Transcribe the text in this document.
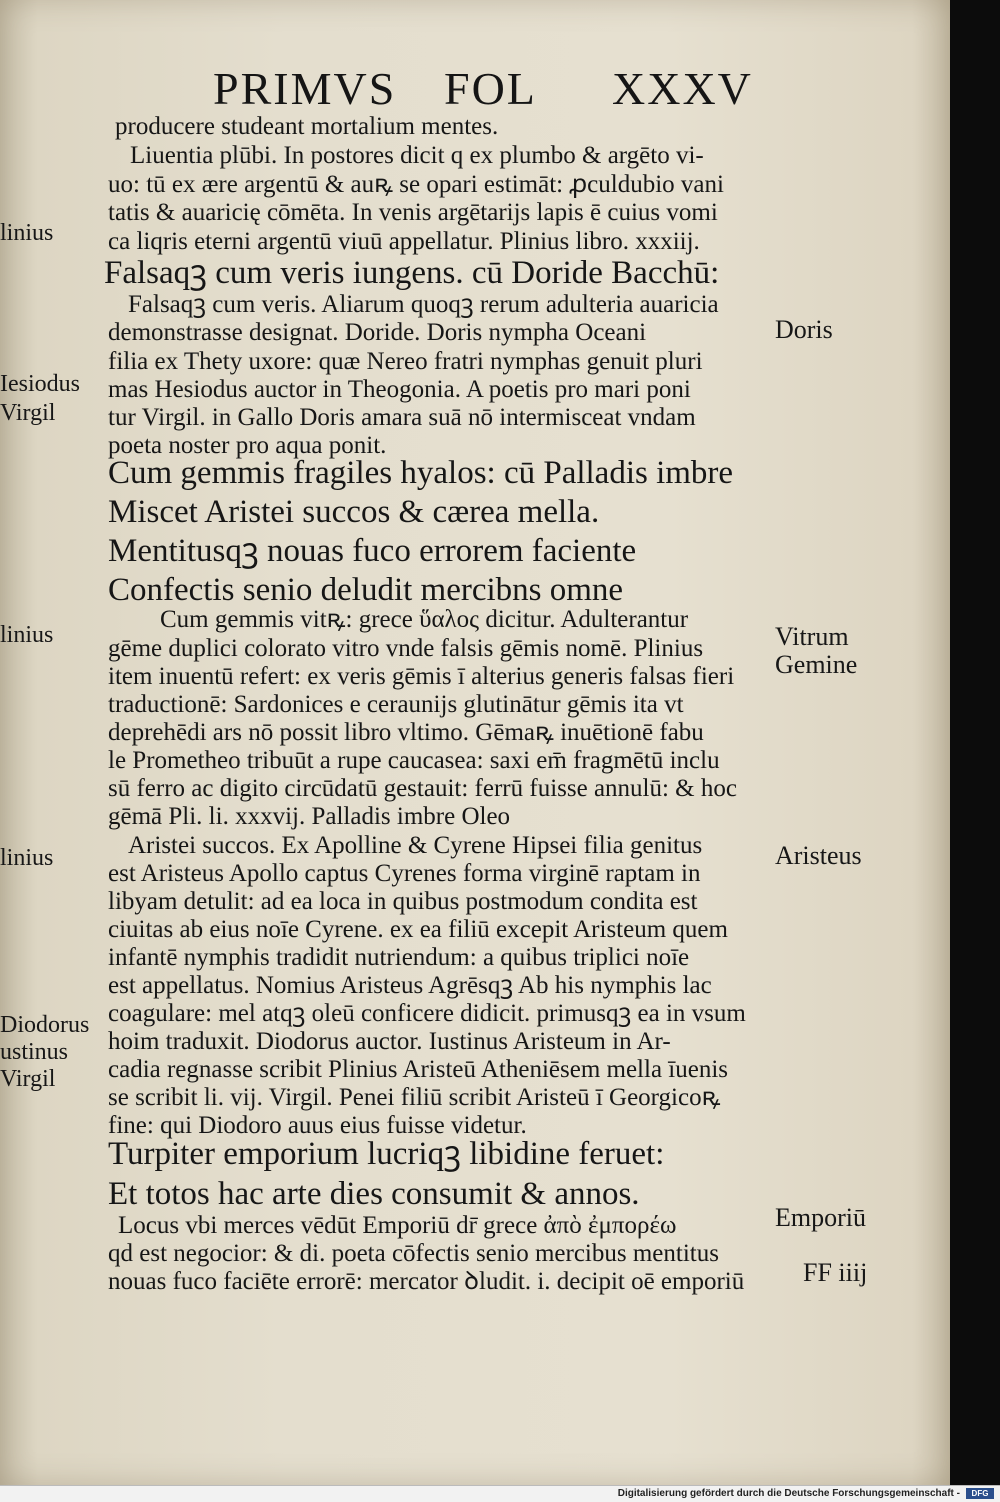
PRIMVS FOL XXXV
producere studeant mortalium mentes.
Liuentia plūbi. In postores dicit q ex plumbo & argēto vi-
uo: tū ex ære argentū & auꝶ se opari estimāt: ꝓculdubio vani
tatis & auaricię cōmēta. In venis argētarijs lapis ē cuius vomi
ca liqris eterni argentū viuū appellatur. Plinius libro. xxxiij.
Falsaqꝫ cum veris iungens. cū Doride Bacchū:
Falsaqꝫ cum veris. Aliarum quoqꝫ rerum adulteria auaricia
demonstrasse designat. Doride. Doris nympha Oceani
filia ex Thety uxore: quæ Nereo fratri nymphas genuit pluri
mas Hesiodus auctor in Theogonia. A poetis pro mari poni
tur Virgil. in Gallo Doris amara suā nō intermisceat vndam
poeta noster pro aqua ponit.
Cum gemmis fragiles hyalos: cū Palladis imbre
Miscet Aristei succos & cærea mella.
Mentitusqꝫ nouas fuco errorem faciente
Confectis senio deludit mercibns omne
Cum gemmis vitꝶ: grece ὕαλος dicitur. Adulterantur
gēme duplici colorato vitro vnde falsis gēmis nomē. Plinius
item inuentū refert: ex veris gēmis ī alterius generis falsas fieri
traductionē: Sardonices e ceraunijs glutinātur gēmis ita vt
deprehēdi ars nō possit libro vltimo. Gēmaꝶ inuētionē fabu
le Prometheo tribuūt a rupe caucasea: saxi em̄ fragmētū inclu
sū ferro ac digito circūdatū gestauit: ferrū fuisse annulū: & hoc
gēmā Pli. li. xxxvij. Palladis imbre Oleo
Aristei succos. Ex Apolline & Cyrene Hipsei filia genitus
est Aristeus Apollo captus Cyrenes forma virginē raptam in
libyam detulit: ad ea loca in quibus postmodum condita est
ciuitas ab eius noīe Cyrene. ex ea filiū excepit Aristeum quem
infantē nymphis tradidit nutriendum: a quibus triplici noīe
est appellatus. Nomius Aristeus Agrēsqꝫ Ab his nymphis lac
coagulare: mel atqꝫ oleū conficere didicit. primusqꝫ ea in vsum
hoim traduxit. Diodorus auctor. Iustinus Aristeum in Ar-
cadia regnasse scribit Plinius Aristeū Atheniēsem mella īuenis
se scribit li. vij. Virgil. Penei filiū scribit Aristeū ī Georgicoꝶ
fine: qui Diodoro auus eius fuisse videtur.
Turpiter emporium lucriqꝫ libidine feruet:
Et totos hac arte dies consumit & annos.
Locus vbi merces vēdūt Emporiū dr̄ grece ἀπὸ ἐμπορέω
qd est negocior: & di. poeta cōfectis senio mercibus mentitus
nouas fuco faciēte errorē: mercator ꝺludit. i. decipit oē emporiū
Doris
Vitrum
Gemine
Aristeus
Emporiū
FF iiij
linius
Iesiodus
Virgil
linius
linius
Diodorus
ustinus
Virgil
Digitalisierung gefördert durch die Deutsche Forschungsgemeinschaft -	DFG
